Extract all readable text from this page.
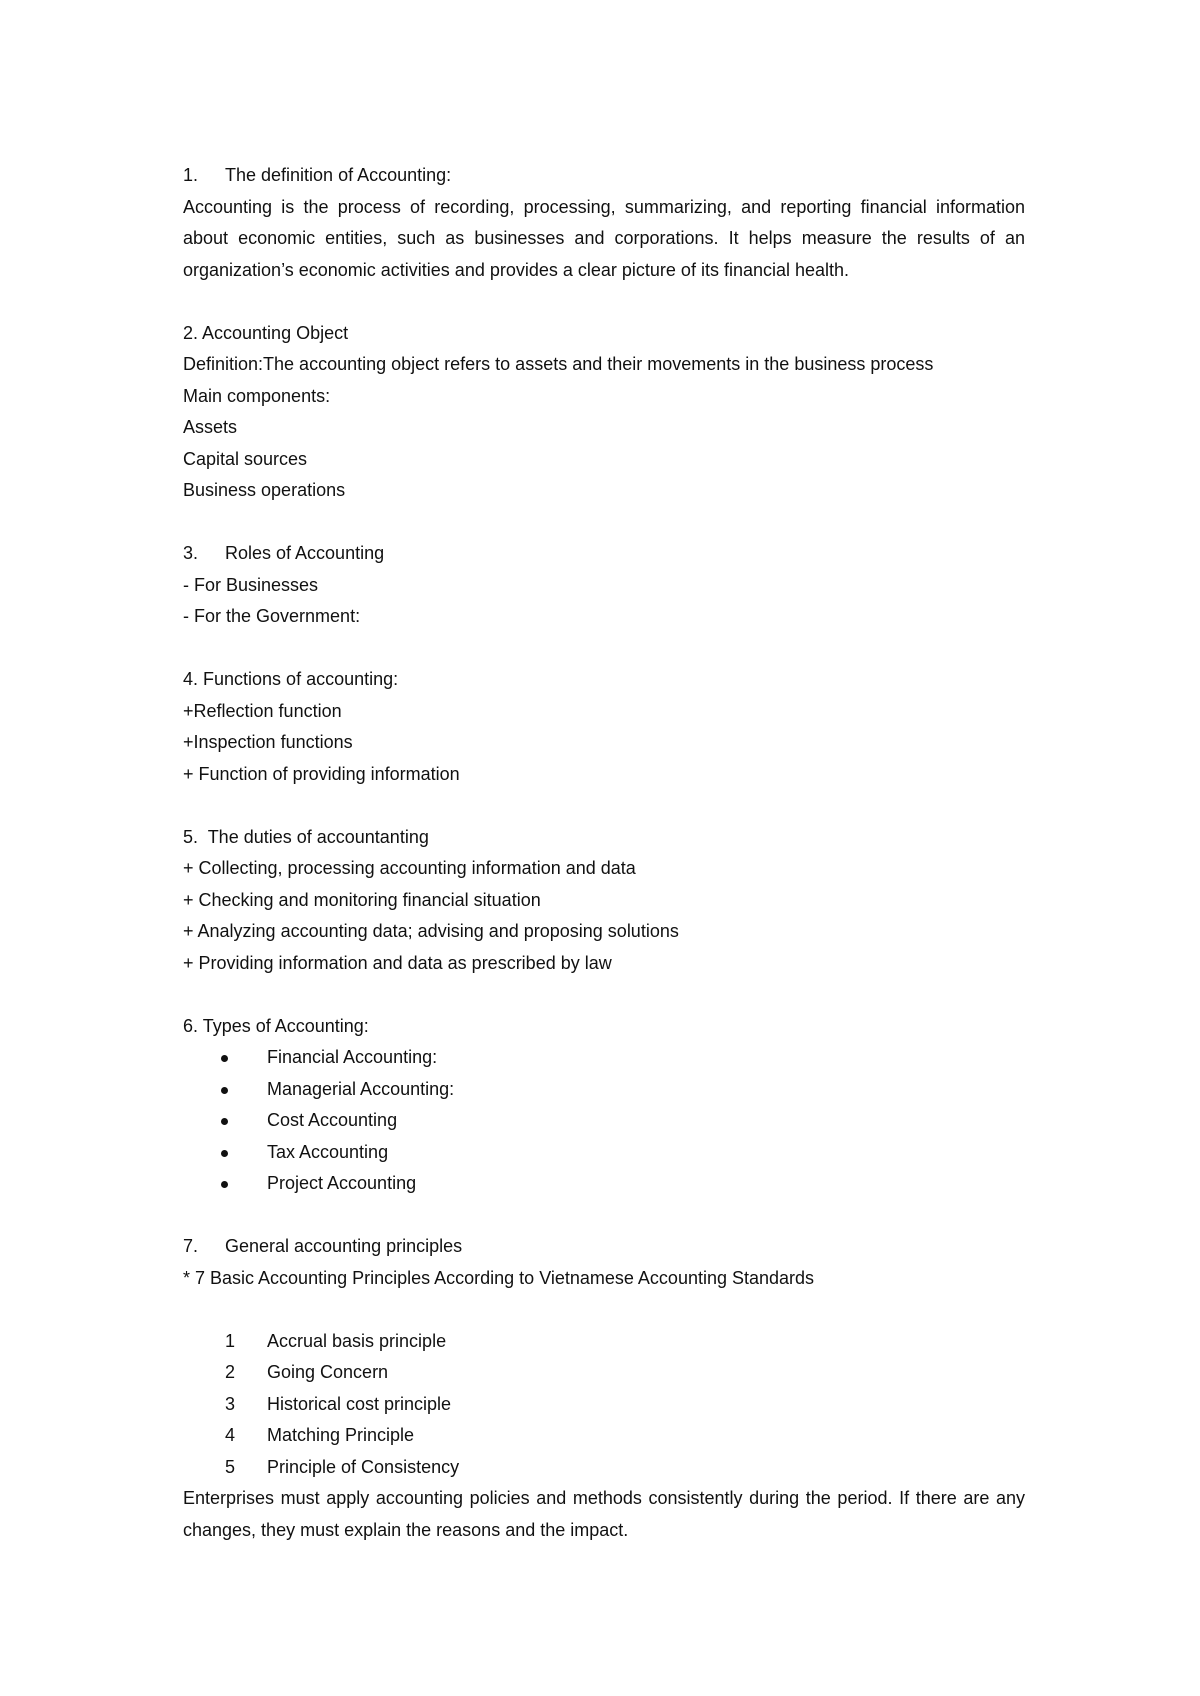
1. The definition of Accounting:
Accounting is the process of recording, processing, summarizing, and reporting financial information about economic entities, such as businesses and corporations. It helps measure the results of an organization’s economic activities and provides a clear picture of its financial health.
2. Accounting Object
Definition:The accounting object refers to assets and their movements in the business process
Main components:
Assets
Capital sources
Business operations
3. Roles of Accounting
- For Businesses
- For the Government:
4. Functions of accounting:
+Reflection function
+Inspection functions
+ Function of providing information
5.  The duties of accountanting
+ Collecting, processing accounting information and data
+ Checking and monitoring financial situation
+ Analyzing accounting data; advising and proposing solutions
+ Providing information and data as prescribed by law
6. Types of Accounting:
Financial Accounting:
Managerial Accounting:
Cost Accounting
Tax Accounting
Project Accounting
7. General accounting principles
* 7 Basic Accounting Principles According to Vietnamese Accounting Standards
1 Accrual basis principle
2 Going Concern
3 Historical cost principle
4 Matching Principle
5 Principle of Consistency
Enterprises must apply accounting policies and methods consistently during the period. If there are any changes, they must explain the reasons and the impact.
